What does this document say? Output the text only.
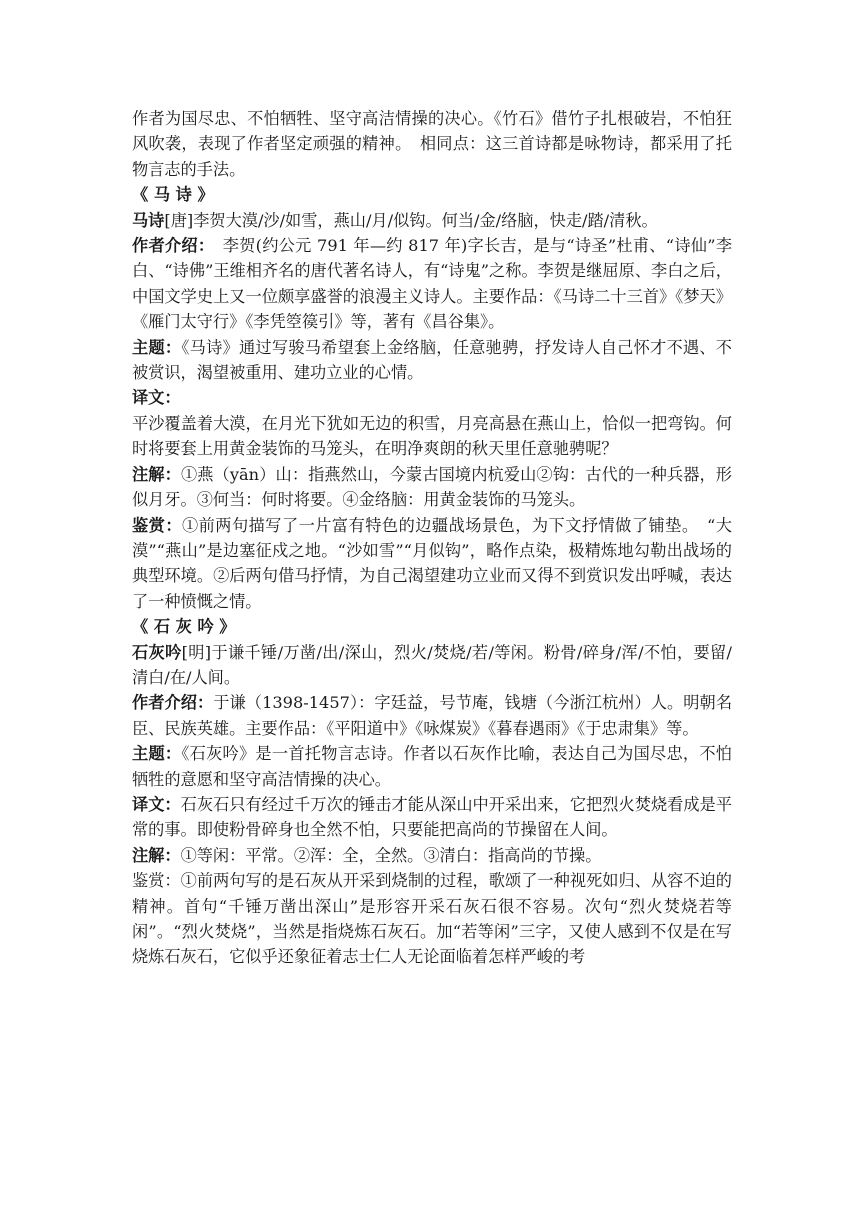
作者为国尽忠、不怕牺牲、坚守高洁情操的决心。《竹石》借竹子扎根破岩，不怕狂风吹袭，表现了作者坚定顽强的精神。　相同点：这三首诗都是咏物诗，都采用了托物言志的手法。

《 马 诗 》

马诗[唐]李贺大漠/沙/如雪，燕山/月/似钩。何当/金/络脑，快走/踏/清秋。

作者介绍：　李贺(约公元 791 年—约 817 年)字长吉，是与“诗圣”杜甫、“诗仙”李白、“诗佛”王维相齐名的唐代著名诗人，有“诗鬼”之称。李贺是继屈原、李白之后，中国文学史上又一位颇享盛誉的浪漫主义诗人。主要作品：《马诗二十三首》《梦天》《雁门太守行》《李凭箜篌引》等，著有《昌谷集》。

主题：《马诗》通过写骏马希望套上金络脑，任意驰骋，抒发诗人自己怀才不遇、不被赏识，渴望被重用、建功立业的心情。

译文：

平沙覆盖着大漠，在月光下犹如无边的积雪，月亮高悬在燕山上，恰似一把弯钩。何时将要套上用黄金装饰的马笼头，在明净爽朗的秋天里任意驰骋呢？

注解：①燕（yān）山：指燕然山，今蒙古国境内杭爱山②钩：古代的一种兵器，形似月牙。③何当：何时将要。④金络脑：用黄金装饰的马笼头。

鉴赏：①前两句描写了一片富有特色的边疆战场景色，为下文抒情做了铺垫。　“大漠”“燕山”是边塞征戍之地。“沙如雪”“月似钩”，略作点染，极精炼地勾勒出战场的典型环境。②后两句借马抒情，为自己渴望建功立业而又得不到赏识发出呼喊，表达了一种愤慨之情。

《 石 灰 吟 》

石灰吟[明]于谦千锤/万凿/出/深山，烈火/焚烧/若/等闲。粉骨/碎身/浑/不怕，要留/清白/在/人间。

作者介绍：于谦（1398-1457）：字廷益，号节庵，钱塘（今浙江杭州）人。明朝名臣、民族英雄。主要作品：《平阳道中》《咏煤炭》《暮春遇雨》《于忠肃集》等。

主题：《石灰吟》是一首托物言志诗。作者以石灰作比喻，表达自己为国尽忠，不怕牺牲的意愿和坚守高洁情操的决心。

译文：石灰石只有经过千万次的锤击才能从深山中开采出来，它把烈火焚烧看成是平常的事。即使粉骨碎身也全然不怕，只要能把高尚的节操留在人间。

注解：①等闲：平常。②浑：全，全然。③清白：指高尚的节操。

鉴赏：①前两句写的是石灰从开采到烧制的过程，歌颂了一种视死如归、从容不迫的精神。首句“千锤万凿出深山”是形容开采石灰石很不容易。次句“烈火焚烧若等闲”。“烈火焚烧”，当然是指烧炼石灰石。加“若等闲”三字，又使人感到不仅是在写烧炼石灰石，它似乎还象征着志士仁人无论面临着怎样严峻的考
